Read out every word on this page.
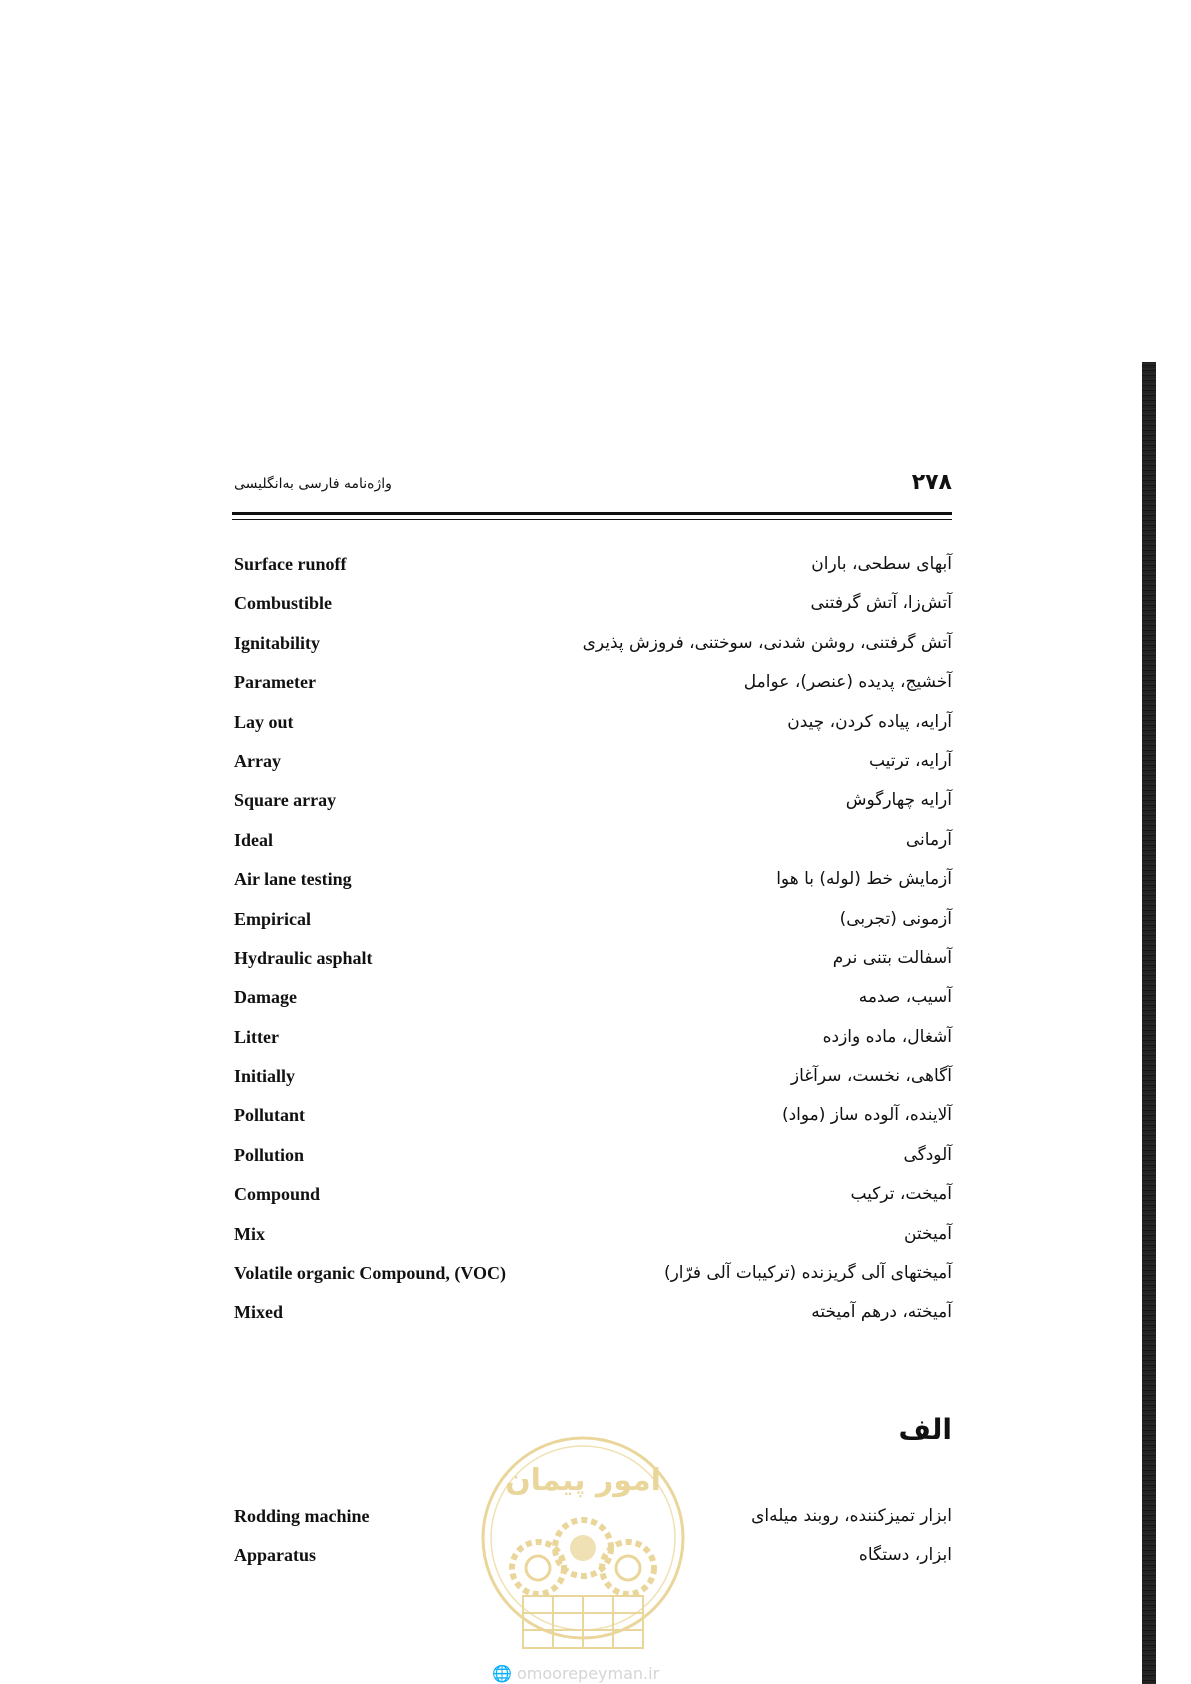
۲۷۸
واژه‌نامه فارسی به‌انگلیسی
آبهای سطحی، باران
Surface runoff
آتش‌زا، آتش گرفتنی
Combustible
آتش گرفتنی، روشن شدنی، سوختنی، فروزش پذیری
Ignitability
آخشیج، پدیده (عنصر)، عوامل
Parameter
آرایه، پیاده کردن، چیدن
Lay out
آرایه، ترتیب
Array
آرایه چهارگوش
Square array
آرمانی
Ideal
آزمایش خط (لوله) با هوا
Air lane testing
آزمونی (تجربی)
Empirical
آسفالت بتنی نرم
Hydraulic asphalt
آسیب، صدمه
Damage
آشغال، ماده وازده
Litter
آگاهی، نخست، سرآغاز
Initially
آلاینده، آلوده ساز (مواد)
Pollutant
آلودگی
Pollution
آمیخت، ترکیب
Compound
آمیختن
Mix
آمیختهای آلی گریزنده (ترکیبات آلی فرّار)
Volatile organic Compound, (VOC)
آمیخته، درهم آمیخته
Mixed
الف
ابزار تمیزکننده، روبند میله‌ای
Rodding machine
ابزار، دستگاه
Apparatus
امور پیمان
🌐 omoorepeyman.ir
